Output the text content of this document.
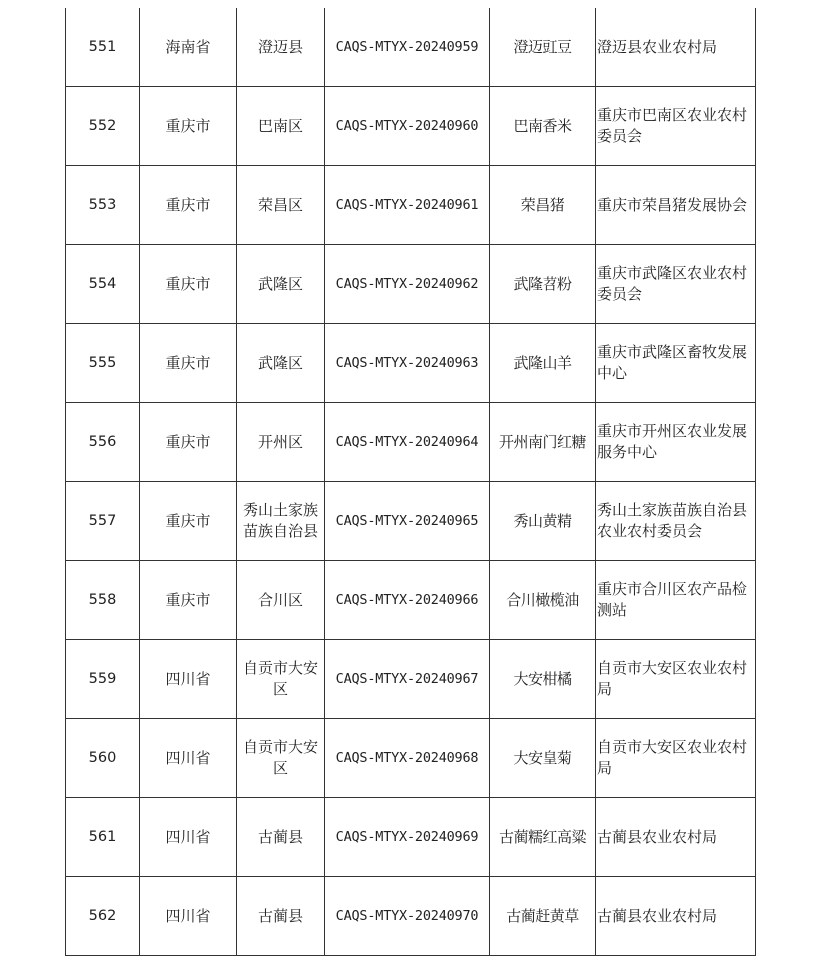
551	海南省	澄迈县	CAQS-MTYX-20240959	澄迈豇豆	澄迈县农业农村局
552	重庆市	巴南区	CAQS-MTYX-20240960	巴南香米	重庆市巴南区农业农村委员会
553	重庆市	荣昌区	CAQS-MTYX-20240961	荣昌猪	重庆市荣昌猪发展协会
554	重庆市	武隆区	CAQS-MTYX-20240962	武隆苕粉	重庆市武隆区农业农村委员会
555	重庆市	武隆区	CAQS-MTYX-20240963	武隆山羊	重庆市武隆区畜牧发展中心
556	重庆市	开州区	CAQS-MTYX-20240964	开州南门红糖	重庆市开州区农业发展服务中心
557	重庆市	秀山土家族苗族自治县	CAQS-MTYX-20240965	秀山黄精	秀山土家族苗族自治县农业农村委员会
558	重庆市	合川区	CAQS-MTYX-20240966	合川橄榄油	重庆市合川区农产品检测站
559	四川省	自贡市大安区	CAQS-MTYX-20240967	大安柑橘	自贡市大安区农业农村局
560	四川省	自贡市大安区	CAQS-MTYX-20240968	大安皇菊	自贡市大安区农业农村局
561	四川省	古蔺县	CAQS-MTYX-20240969	古蔺糯红高粱	古蔺县农业农村局
562	四川省	古蔺县	CAQS-MTYX-20240970	古蔺赶黄草	古蔺县农业农村局
